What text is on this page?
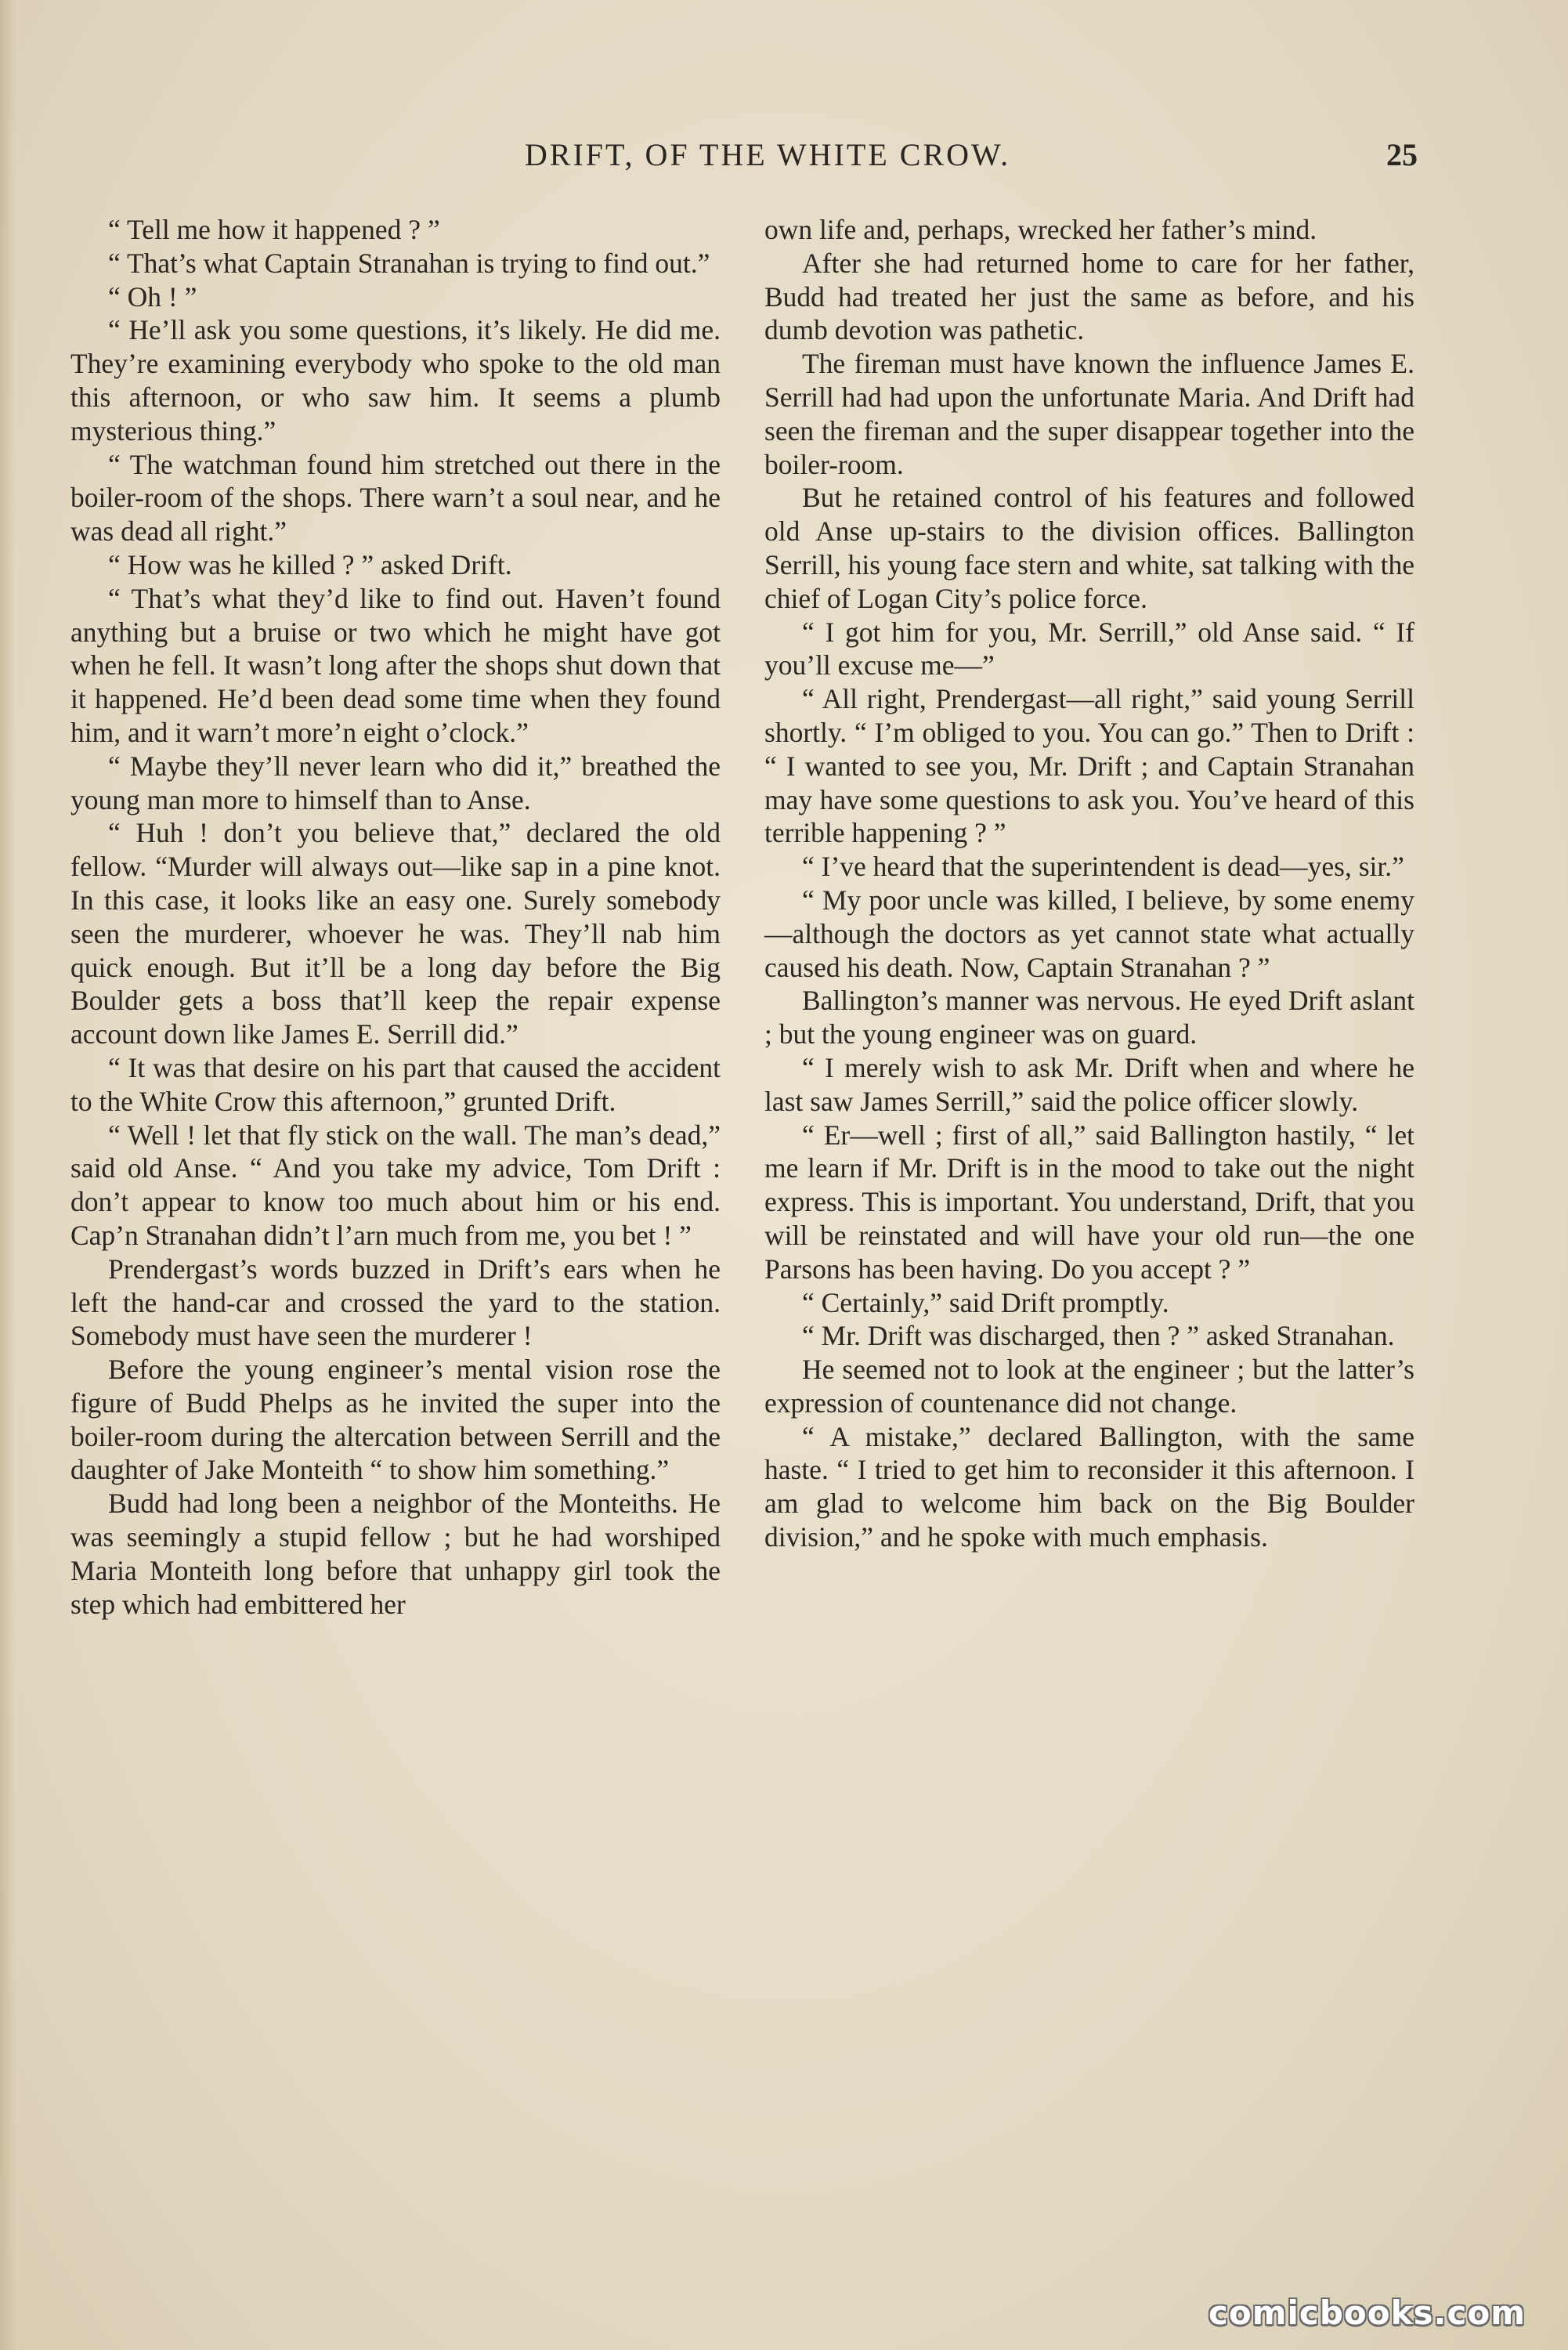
DRIFT, OF THE WHITE CROW.	25

“ Tell me how it happened ? ”

“ That’s what Captain Stranahan is trying to find out.”

“ Oh ! ”

“ He’ll ask you some questions, it’s likely. He did me. They’re examining everybody who spoke to the old man this afternoon, or who saw him. It seems a plumb mysterious thing.”

“ The watchman found him stretched out there in the boiler-room of the shops. There warn’t a soul near, and he was dead all right.”

“ How was he killed ? ” asked Drift.

“ That’s what they’d like to find out. Haven’t found anything but a bruise or two which he might have got when he fell. It wasn’t long after the shops shut down that it happened. He’d been dead some time when they found him, and it warn’t more’n eight o’clock.”

“ Maybe they’ll never learn who did it,” breathed the young man more to himself than to Anse.

“ Huh ! don’t you believe that,” declared the old fellow. “Murder will always out—like sap in a pine knot. In this case, it looks like an easy one. Surely somebody seen the murderer, whoever he was. They’ll nab him quick enough. But it’ll be a long day before the Big Boulder gets a boss that’ll keep the repair expense account down like James E. Serrill did.”

“ It was that desire on his part that caused the accident to the White Crow this afternoon,” grunted Drift.

“ Well ! let that fly stick on the wall. The man’s dead,” said old Anse. “ And you take my advice, Tom Drift : don’t appear to know too much about him or his end. Cap’n Stranahan didn’t l’arn much from me, you bet ! ”

Prendergast’s words buzzed in Drift’s ears when he left the hand-car and crossed the yard to the station. Somebody must have seen the murderer !

Before the young engineer’s mental vision rose the figure of Budd Phelps as he invited the super into the boiler-room during the altercation between Serrill and the daughter of Jake Monteith “ to show him something.”

Budd had long been a neighbor of the Monteiths. He was seemingly a stupid fellow ; but he had worshiped Maria Monteith long before that unhappy girl took the step which had embittered her

own life and, perhaps, wrecked her father’s mind.

After she had returned home to care for her father, Budd had treated her just the same as before, and his dumb devotion was pathetic.

The fireman must have known the influence James E. Serrill had had upon the unfortunate Maria. And Drift had seen the fireman and the super disappear together into the boiler-room.

But he retained control of his features and followed old Anse up-stairs to the division offices. Ballington Serrill, his young face stern and white, sat talking with the chief of Logan City’s police force.

“ I got him for you, Mr. Serrill,” old Anse said. “ If you’ll excuse me—”

“ All right, Prendergast—all right,” said young Serrill shortly. “ I’m obliged to you. You can go.” Then to Drift : “ I wanted to see you, Mr. Drift ; and Captain Stranahan may have some questions to ask you. You’ve heard of this terrible happening ? ”

“ I’ve heard that the superintendent is dead—yes, sir.”

“ My poor uncle was killed, I believe, by some enemy—although the doctors as yet cannot state what actually caused his death. Now, Captain Stranahan ? ”

Ballington’s manner was nervous. He eyed Drift aslant ; but the young engineer was on guard.

“ I merely wish to ask Mr. Drift when and where he last saw James Serrill,” said the police officer slowly.

“ Er—well ; first of all,” said Ballington hastily, “ let me learn if Mr. Drift is in the mood to take out the night express. This is important. You understand, Drift, that you will be reinstated and will have your old run—the one Parsons has been having. Do you accept ? ”

“ Certainly,” said Drift promptly.

“ Mr. Drift was discharged, then ? ” asked Stranahan.

He seemed not to look at the engineer ; but the latter’s expression of countenance did not change.

“ A mistake,” declared Ballington, with the same haste. “ I tried to get him to reconsider it this afternoon. I am glad to welcome him back on the Big Boulder division,” and he spoke with much emphasis.

comicbooks.com
